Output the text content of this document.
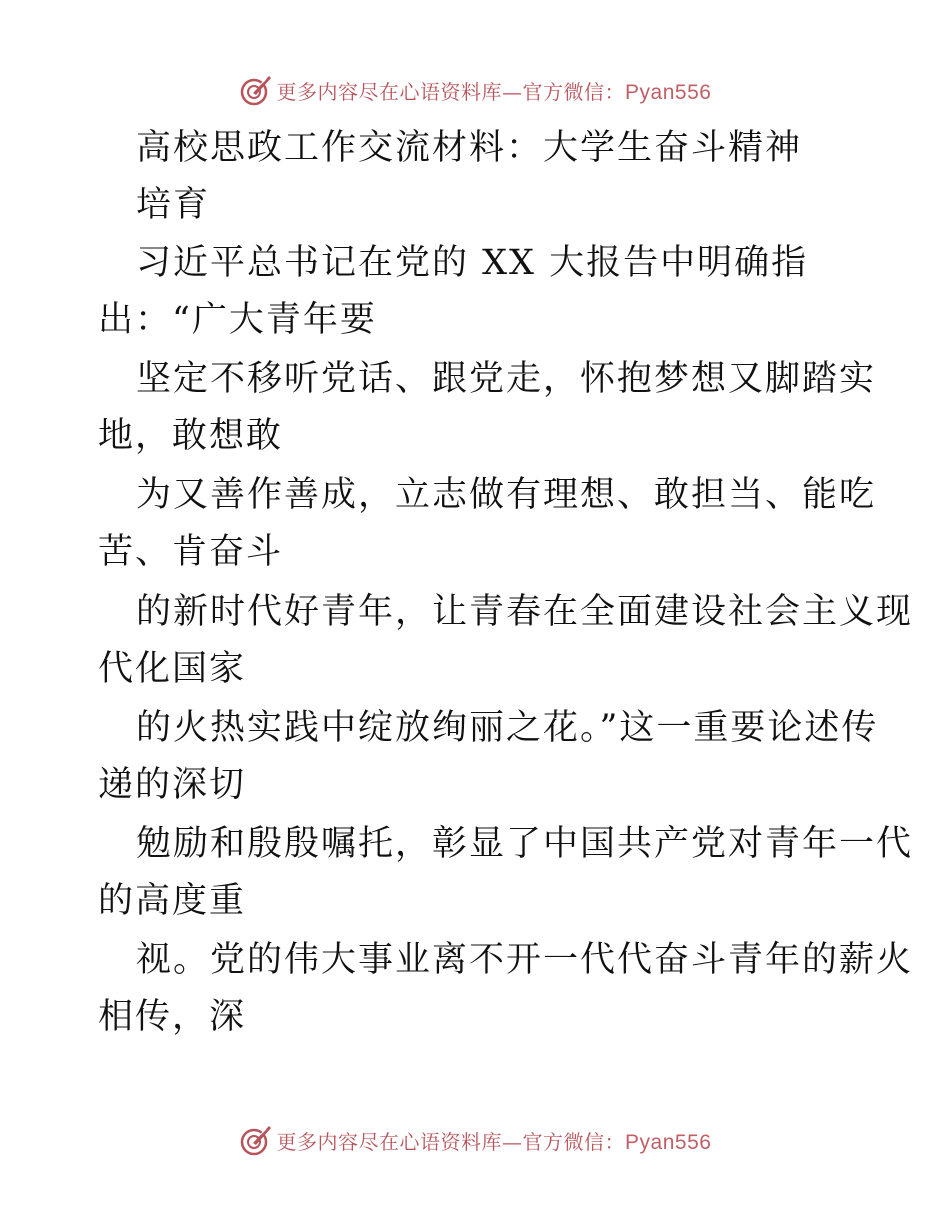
更多内容尽在心语资料库—官方微信：Pyan556
高校思政工作交流材料：大学生奋斗精神
培育
习近平总书记在党的 XX 大报告中明确指
出：“广大青年要
坚定不移听党话、跟党走，怀抱梦想又脚踏实
地，敢想敢
为又善作善成，立志做有理想、敢担当、能吃
苦、肯奋斗
的新时代好青年，让青春在全面建设社会主义现
代化国家
的火热实践中绽放绚丽之花。”这一重要论述传
递的深切
勉励和殷殷嘱托，彰显了中国共产党对青年一代
的高度重
视。党的伟大事业离不开一代代奋斗青年的薪火
相传，深
更多内容尽在心语资料库—官方微信：Pyan556
